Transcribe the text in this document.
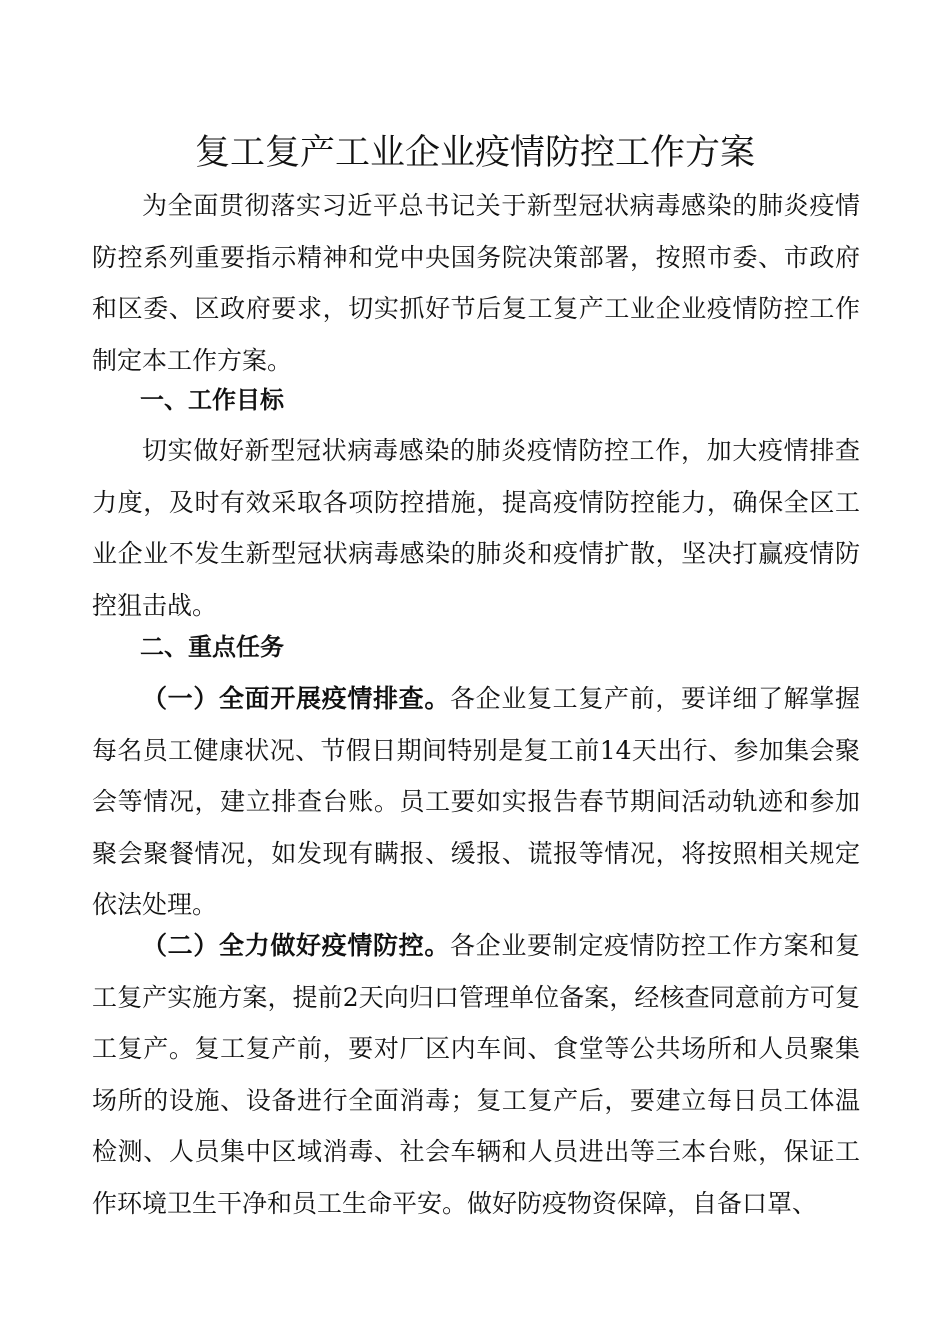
复工复产工业企业疫情防控工作方案

为全面贯彻落实习近平总书记关于新型冠状病毒感染的肺炎疫情防控系列重要指示精神和党中央国务院决策部署，按照市委、市政府和区委、区政府要求，切实抓好节后复工复产工业企业疫情防控工作制定本工作方案。

一、工作目标

切实做好新型冠状病毒感染的肺炎疫情防控工作，加大疫情排查力度，及时有效采取各项防控措施，提高疫情防控能力，确保全区工业企业不发生新型冠状病毒感染的肺炎和疫情扩散，坚决打赢疫情防控狙击战。

二、重点任务

（一）全面开展疫情排查。各企业复工复产前，要详细了解掌握每名员工健康状况、节假日期间特别是复工前14天出行、参加集会聚会等情况，建立排查台账。员工要如实报告春节期间活动轨迹和参加聚会聚餐情况，如发现有瞒报、缓报、谎报等情况，将按照相关规定依法处理。

（二）全力做好疫情防控。各企业要制定疫情防控工作方案和复工复产实施方案，提前2天向归口管理单位备案，经核查同意前方可复工复产。复工复产前，要对厂区内车间、食堂等公共场所和人员聚集场所的设施、设备进行全面消毒；复工复产后，要建立每日员工体温检测、人员集中区域消毒、社会车辆和人员进出等三本台账，保证工作环境卫生干净和员工生命平安。做好防疫物资保障，自备口罩、
